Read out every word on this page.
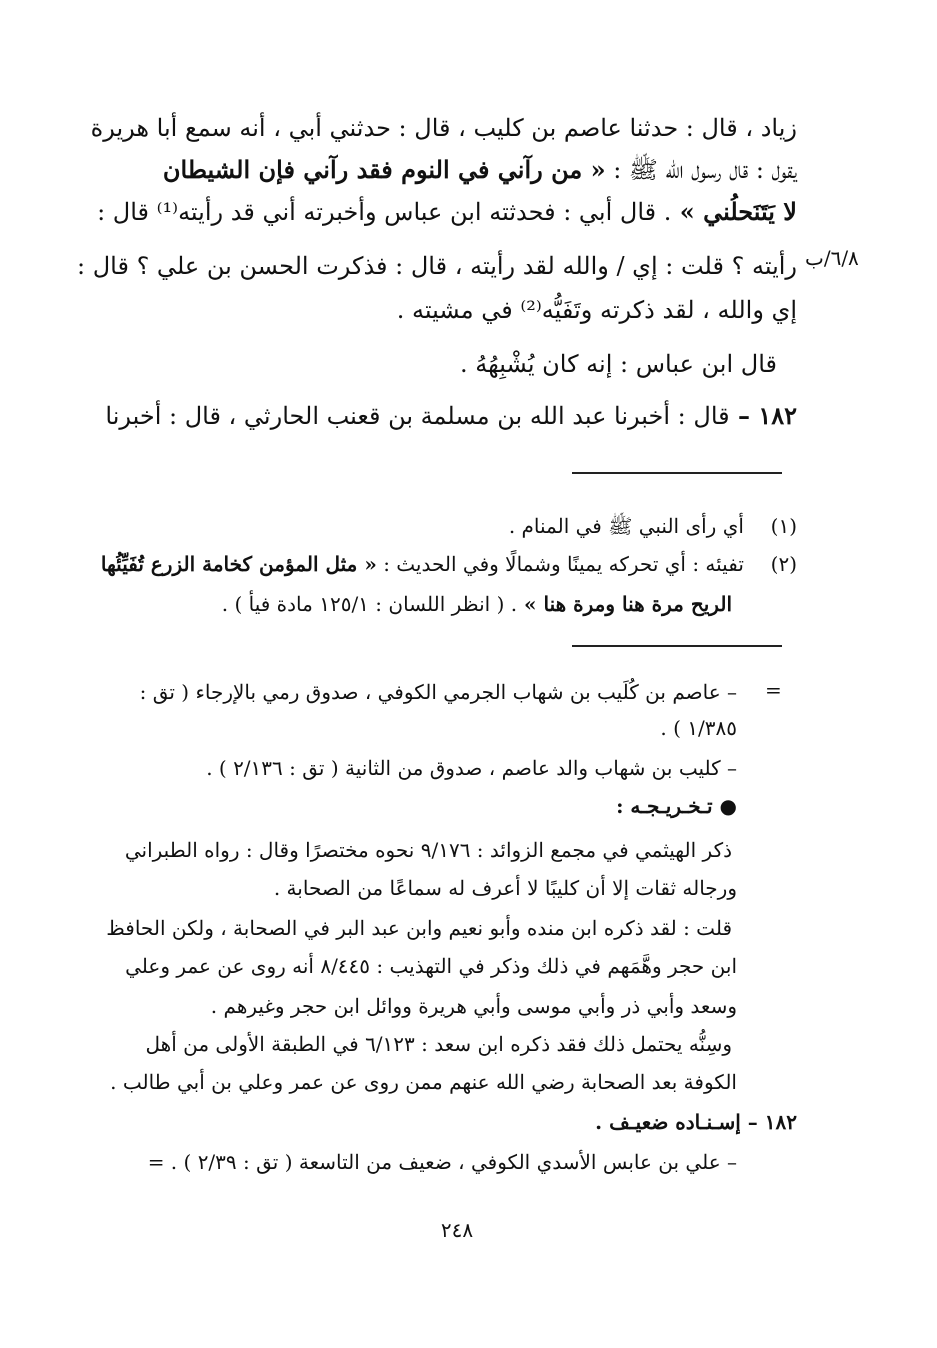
٦/٨/ب
زياد ، قال : حدثنا عاصم بن كليب ، قال : حدثني أبي ، أنه سمع أبا هريرة
يقول : قال رسول الله ﷺ : « من رآني في النوم فقد رآني فإن الشيطان
لا يَتَنَحلُني » . قال أبي : فحدثته ابن عباس وأخبرته أني قد رأيته⁽¹⁾ قال :
رأيته ؟ قلت : إي / والله لقد رأيته ، قال : فذكرت الحسن بن علي ؟ قال :
إي والله ، لقد ذكرته وتَفَيُّه⁽²⁾ في مشيته .
قال ابن عباس : إنه كان يُشْبِهُهُ .
١٨٢ – قال : أخبرنا عبد الله بن مسلمة بن قعنب الحارثي ، قال : أخبرنا
(١)  أي رأى النبي ﷺ في المنام .
(٢)  تفيئه : أي تحركه يمينًا وشمالًا وفي الحديث : « مثل المؤمن كخامة الزرع تُفَيِّئُها
الريح مرة هنا ومرة هنا » . ( انظر اللسان : ١٢٥/١ مادة فيأ ) .
=
– عاصم بن كُلَيب بن شهاب الجرمي الكوفي ، صدوق رمي بالإرجاء ( تق :
١/٣٨٥ ) .
– كليب بن شهاب والد عاصم ، صدوق من الثانية ( تق : ٢/١٣٦ ) .
● تـخـريـجـه :
ذكر الهيثمي في مجمع الزوائد : ٩/١٧٦ نحوه مختصرًا وقال : رواه الطبراني
ورجاله ثقات إلا أن كليبًا لا أعرف له سماعًا من الصحابة .
قلت : لقد ذكره ابن منده وأبو نعيم وابن عبد البر في الصحابة ، ولكن الحافظ
ابن حجر وهَّمَهم في ذلك وذكر في التهذيب : ٨/٤٤٥ أنه روى عن عمر وعلي
وسعد وأبي ذر وأبي موسى وأبي هريرة ووائل ابن حجر وغيرهم .
وسِنُّه يحتمل ذلك فقد ذكره ابن سعد : ٦/١٢٣ في الطبقة الأولى من أهل
الكوفة بعد الصحابة رضي الله عنهم ممن روى عن عمر وعلي بن أبي طالب .
١٨٢ – إسـنـاده ضعيـف .
– علي بن عابس الأسدي الكوفي ، ضعيف من التاسعة ( تق : ٢/٣٩ ) . =
٢٤٨
